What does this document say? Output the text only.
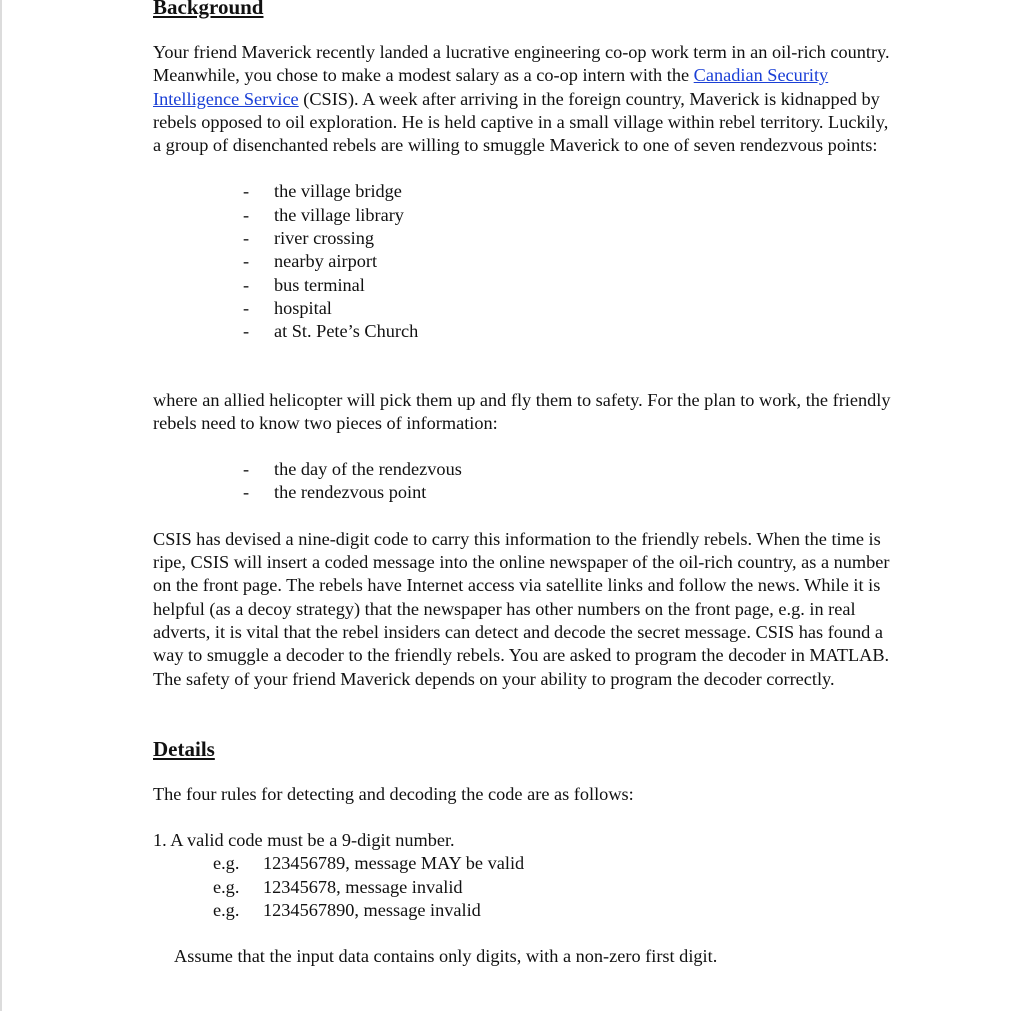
Background

Your friend Maverick recently landed a lucrative engineering co-op work term in an oil-rich country. Meanwhile, you chose to make a modest salary as a co-op intern with the Canadian Security Intelligence Service (CSIS). A week after arriving in the foreign country, Maverick is kidnapped by rebels opposed to oil exploration. He is held captive in a small village within rebel territory. Luckily, a group of disenchanted rebels are willing to smuggle Maverick to one of seven rendezvous points:

- the village bridge
- the village library
- river crossing
- nearby airport
- bus terminal
- hospital
- at St. Pete’s Church

where an allied helicopter will pick them up and fly them to safety. For the plan to work, the friendly rebels need to know two pieces of information:

- the day of the rendezvous
- the rendezvous point

CSIS has devised a nine-digit code to carry this information to the friendly rebels. When the time is ripe, CSIS will insert a coded message into the online newspaper of the oil-rich country, as a number on the front page. The rebels have Internet access via satellite links and follow the news. While it is helpful (as a decoy strategy) that the newspaper has other numbers on the front page, e.g. in real adverts, it is vital that the rebel insiders can detect and decode the secret message. CSIS has found a way to smuggle a decoder to the friendly rebels. You are asked to program the decoder in MATLAB. The safety of your friend Maverick depends on your ability to program the decoder correctly.

Details

The four rules for detecting and decoding the code are as follows:

1. A valid code must be a 9-digit number.

e.g. 123456789, message MAY be valid
e.g. 12345678, message invalid
e.g. 1234567890, message invalid

Assume that the input data contains only digits, with a non-zero first digit.
